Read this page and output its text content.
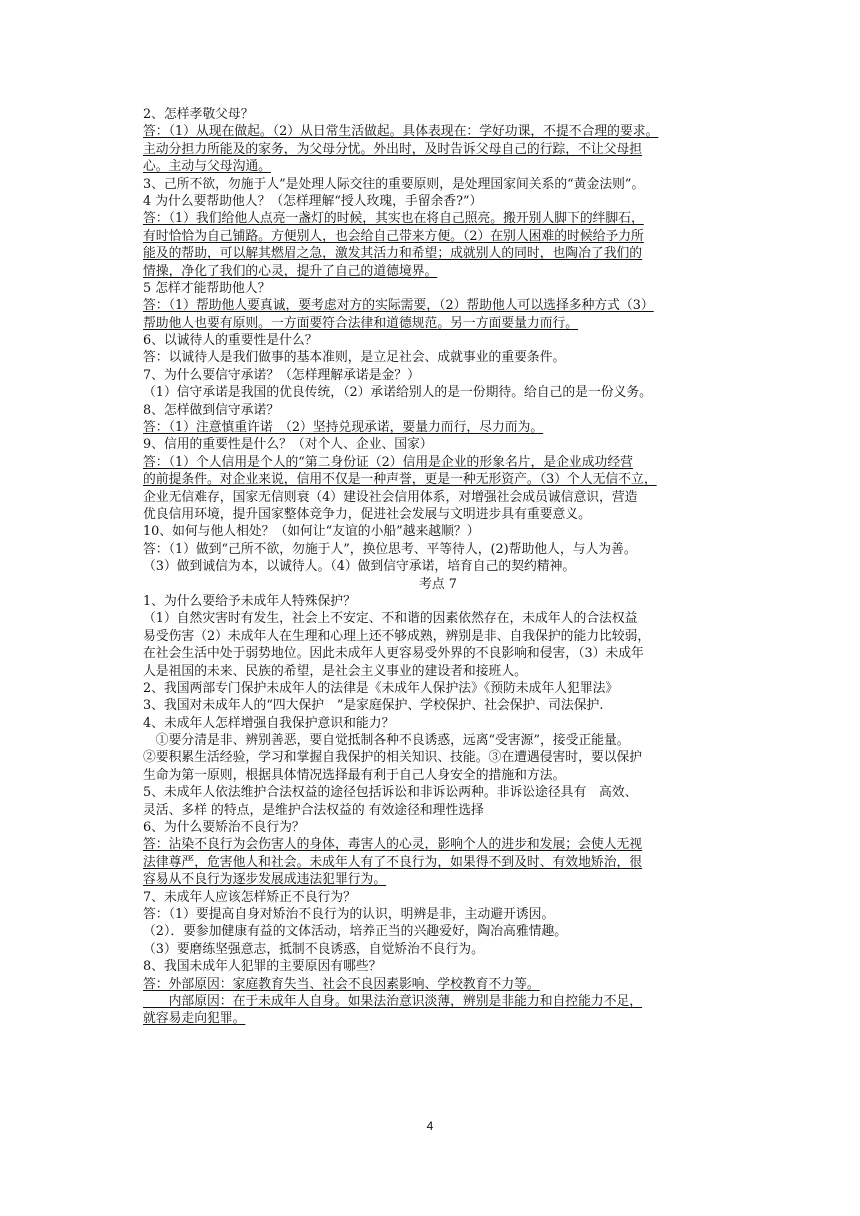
2、怎样孝敬父母？
答：（1）从现在做起。（2）从日常生活做起。具体表现在：学好功课，不提不合理的要求。
主动分担力所能及的家务，为父母分忧。外出时，及时告诉父母自己的行踪，不让父母担
心。主动与父母沟通。
3、己所不欲，勿施于人”是处理人际交往的重要原则，是处理国家间关系的“黄金法则”。
4 为什么要帮助他人？（怎样理解“授人玫瑰，手留余香?”）
答：（1）我们给他人点亮一盏灯的时候，其实也在将自己照亮。搬开别人脚下的绊脚石，
有时恰恰为自己铺路。方便别人，也会给自己带来方便。（2）在别人困难的时候给予力所
能及的帮助，可以解其燃眉之急，激发其活力和希望；成就别人的同时，也陶冶了我们的
情操，净化了我们的心灵，提升了自己的道德境界。
5 怎样才能帮助他人？
答：（1）帮助他人要真诚，要考虑对方的实际需要，（2）帮助他人可以选择多种方式（3）
帮助他人也要有原则。一方面要符合法律和道德规范。另一方面要量力而行。
6、以诚待人的重要性是什么？
答：以诚待人是我们做事的基本准则，是立足社会、成就事业的重要条件。
7、为什么要信守承诺？（怎样理解承诺是金？）
（1）信守承诺是我国的优良传统，（2）承诺给别人的是一份期待。给自己的是一份义务。
8、怎样做到信守承诺？
答：（1）注意慎重许诺　（2）坚持兑现承诺，要量力而行，尽力而为。
9、信用的重要性是什么？（对个人、企业、国家）
答：（1）个人信用是个人的“第二身份证（2）信用是企业的形象名片，是企业成功经营
的前提条件。对企业来说，信用不仅是一种声誉，更是一种无形资产。（3）个人无信不立，
企业无信难存，国家无信则衰（4）建设社会信用体系，对增强社会成员诚信意识，营造
优良信用环境，提升国家整体竞争力，促进社会发展与文明进步具有重要意义。
10、如何与他人相处？（如何让“友谊的小船”越来越顺？）
答：（1）做到“己所不欲，勿施于人”，换位思考、平等待人，(2)帮助他人，与人为善。
（3）做到诚信为本，以诚待人。（4）做到信守承诺，培育自己的契约精神。
考点 7
1、为什么要给予未成年人特殊保护？
（1）自然灾害时有发生，社会上不安定、不和谐的因素依然存在，未成年人的合法权益
易受伤害（2）未成年人在生理和心理上还不够成熟，辨别是非、自我保护的能力比较弱，
在社会生活中处于弱势地位。因此未成年人更容易受外界的不良影响和侵害，（3）未成年
人是祖国的未来、民族的希望，是社会主义事业的建设者和接班人。
2、我国两部专门保护未成年人的法律是《未成年人保护法》《预防未成年人犯罪法》
3、我国对未成年人的“四大保护　”是家庭保护、学校保护、社会保护、司法保护.
4、未成年人怎样增强自我保护意识和能力？
　①要分清是非、辨别善恶，要自觉抵制各种不良诱惑，远离“受害源”，接受正能量。
②要积累生活经验，学习和掌握自我保护的相关知识、技能。③在遭遇侵害时，要以保护
生命为第一原则，根据具体情况选择最有利于自己人身安全的措施和方法。
5、未成年人依法维护合法权益的途径包括诉讼和非诉讼两种。非诉讼途径具有　高效、
灵活、多样 的特点，是维护合法权益的 有效途径和理性选择
6、为什么要矫治不良行为？
答：沾染不良行为会伤害人的身体，毒害人的心灵，影响个人的进步和发展；会使人无视
法律尊严，危害他人和社会。未成年人有了不良行为，如果得不到及时、有效地矫治，很
容易从不良行为逐步发展成违法犯罪行为。
7、未成年人应该怎样矫正不良行为？
答：（1）要提高自身对矫治不良行为的认识，明辨是非，主动避开诱因。
（2）．要参加健康有益的文体活动，培养正当的兴趣爱好，陶冶高雅情趣。
（3）要磨练坚强意志，抵制不良诱惑，自觉矫治不良行为。
8、我国未成年人犯罪的主要原因有哪些？
答：外部原因：家庭教育失当、社会不良因素影响、学校教育不力等。
　　内部原因：在于未成年人自身。如果法治意识淡薄，辨别是非能力和自控能力不足，
就容易走向犯罪。
4
